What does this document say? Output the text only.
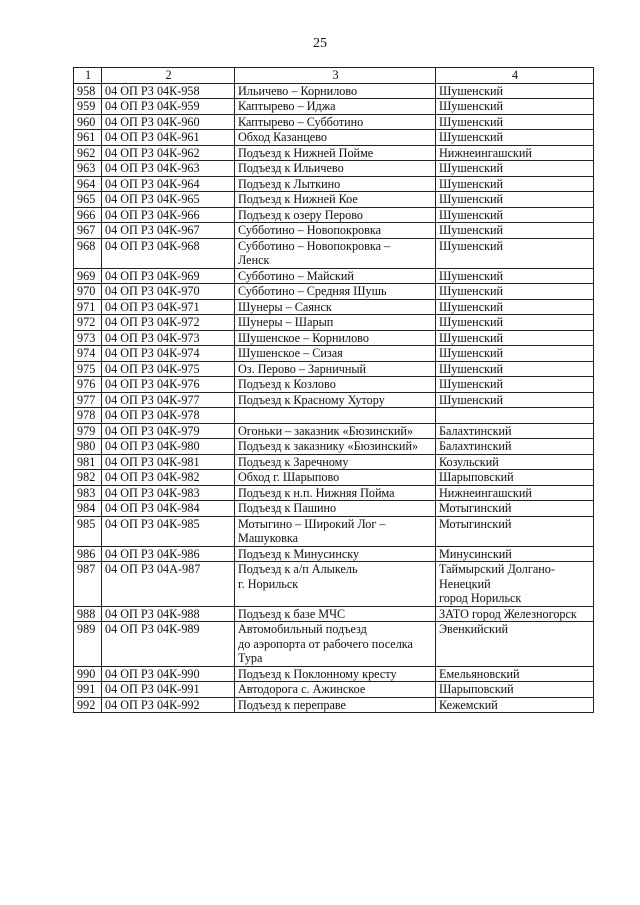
25
1	2	3	4
958	04 ОП РЗ 04К-958	Ильичево – Корнилово	Шушенский

959	04 ОП РЗ 04К-959	Каптырево – Иджа	Шушенский

960	04 ОП РЗ 04К-960	Каптырево – Субботино	Шушенский

961	04 ОП РЗ 04К-961	Обход Казанцево	Шушенский

962	04 ОП РЗ 04К-962	Подъезд к Нижней Пойме	Нижнеингашский

963	04 ОП РЗ 04К-963	Подъезд к Ильичево	Шушенский

964	04 ОП РЗ 04К-964	Подъезд к Лыткино	Шушенский

965	04 ОП РЗ 04К-965	Подъезд к Нижней Кое	Шушенский

966	04 ОП РЗ 04К-966	Подъезд к озеру Перово	Шушенский

967	04 ОП РЗ 04К-967	Субботино – Новопокровка	Шушенский

968	04 ОП РЗ 04К-968	Субботино – Новопокровка –
Ленск	Шушенский

969	04 ОП РЗ 04К-969	Субботино – Майский	Шушенский

970	04 ОП РЗ 04К-970	Субботино – Средняя Шушь	Шушенский

971	04 ОП РЗ 04К-971	Шунеры – Саянск	Шушенский

972	04 ОП РЗ 04К-972	Шунеры – Шарып	Шушенский

973	04 ОП РЗ 04К-973	Шушенское – Корнилово	Шушенский

974	04 ОП РЗ 04К-974	Шушенское – Сизая	Шушенский

975	04 ОП РЗ 04К-975	Оз. Перово – Зарничный	Шушенский

976	04 ОП РЗ 04К-976	Подъезд к Козлово	Шушенский

977	04 ОП РЗ 04К-977	Подъезд к Красному Хутору	Шушенский

978	04 ОП РЗ 04К-978	

979	04 ОП РЗ 04К-979	Огоньки – заказник «Бюзинский»	Балахтинский

980	04 ОП РЗ 04К-980	Подъезд к заказнику «Бюзинский»	Балахтинский

981	04 ОП РЗ 04К-981	Подъезд к Заречному	Козульский

982	04 ОП РЗ 04К-982	Обход г. Шарыпово	Шарыповский

983	04 ОП РЗ 04К-983	Подъезд к н.п. Нижняя Пойма	Нижнеингашский

984	04 ОП РЗ 04К-984	Подъезд к Пашино	Мотыгинский

985	04 ОП РЗ 04К-985	Мотыгино – Широкий Лог –
Машуковка	Мотыгинский

986	04 ОП РЗ 04К-986	Подъезд к Минусинску	Минусинский

987	04 ОП РЗ 04А-987	Подъезд к а/п Алыкель
г. Норильск	Таймырский Долгано-
Ненецкий
город Норильск

988	04 ОП РЗ 04К-988	Подъезд к базе МЧС	ЗАТО город Железногорск

989	04 ОП РЗ 04К-989	Автомобильный подъезд
до аэропорта от рабочего поселка
Тура	Эвенкийский

990	04 ОП РЗ 04К-990	Подъезд к Поклонному кресту	Емельяновский

991	04 ОП РЗ 04К-991	Автодорога с. Ажинское	Шарыповский

992	04 ОП РЗ 04К-992	Подъезд к переправе	Кежемский
